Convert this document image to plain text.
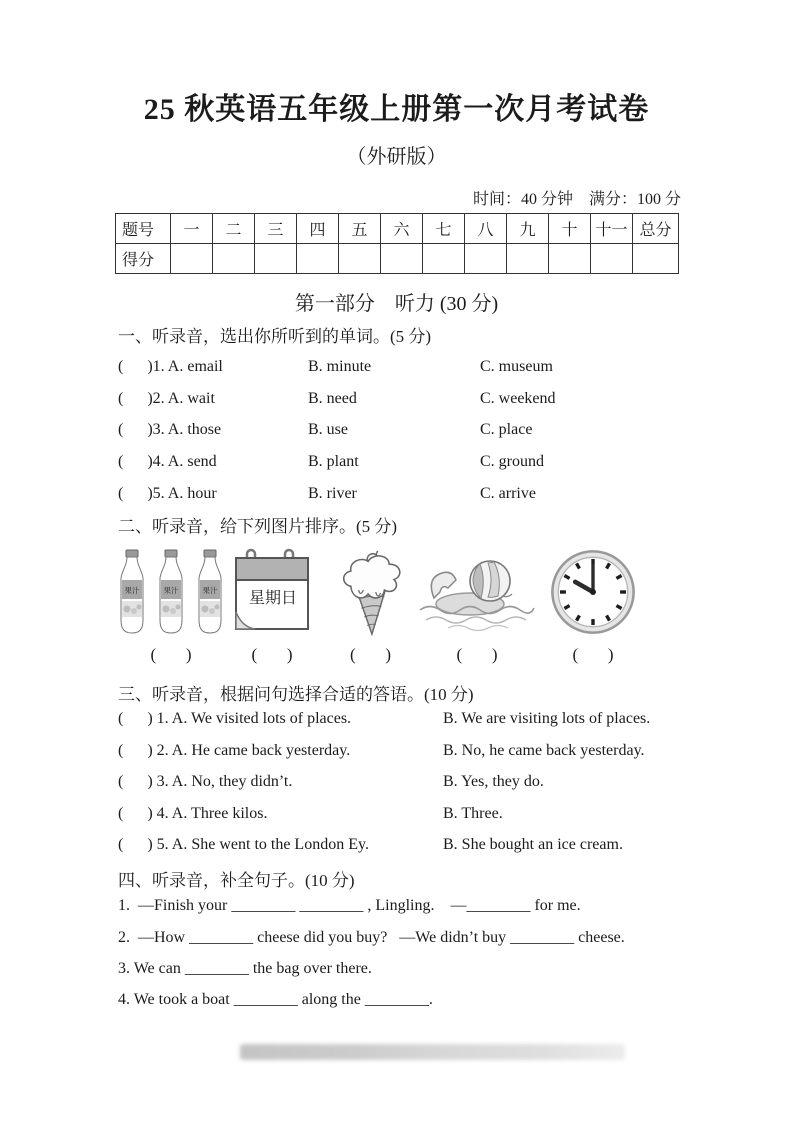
25 秋英语五年级上册第一次月考试卷
（外研版）
时间：40 分钟　满分：100 分
题号	一	二	三	四	五	六	七	八	九	十	十一	总分
得分												
第一部分　听力 (30 分)
一、听录音，选出你所听到的单词。(5 分)
(      )1. A. email	B. minute	C. museum
(      )2. A. wait	B. need	C. weekend
(      )3. A. those	B. use	C. place
(      )4. A. send	B. plant	C. ground
(      )5. A. hour	B. river	C. arrive
二、听录音，给下列图片排序。(5 分)
果汁	果汁	果汁
(       )
星期日
(       )	(       )	(       )	(       )
三、听录音，根据问句选择合适的答语。(10 分)
(      ) 1. A. We visited lots of places.	B. We are visiting lots of places.
(      ) 2. A. He came back yesterday.	B. No, he came back yesterday.
(      ) 3. A. No, they didn’t.	B. Yes, they do.
(      ) 4. A. Three kilos.	B. Three.
(      ) 5. A. She went to the London Ey.	B. She bought an ice cream.
四、听录音，补全句子。(10 分)
1.  —Finish your ________ ________ , Lingling.    —________ for me.
2.  —How ________ cheese did you buy?   —We didn’t buy ________ cheese.
3. We can ________ the bag over there.
4. We took a boat ________ along the ________.
